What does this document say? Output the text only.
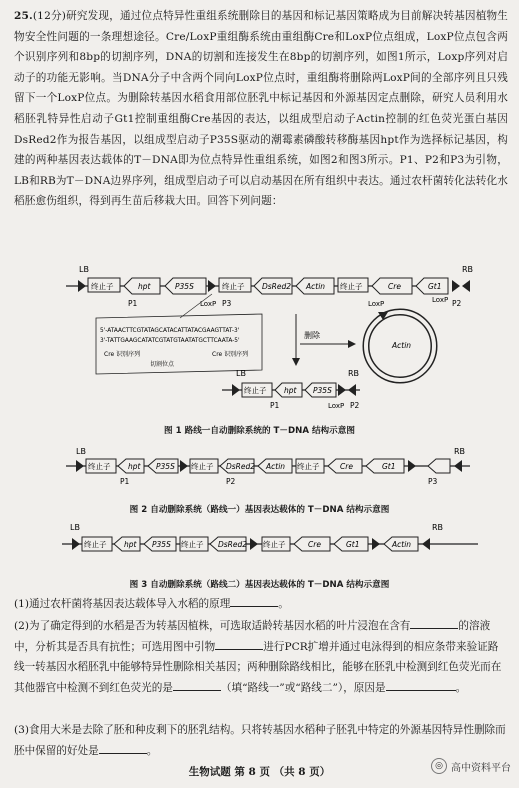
25.(12分)研究发现，通过位点特异性重组系统删除目的基因和标记基因策略成为目前解决转基因植物生物安全性问题的一条理想途径。Cre/LoxP重组酶系统由重组酶Cre和LoxP位点组成，LoxP位点包含两个识别序列和8bp的切割序列，DNA的切割和连接发生在8bp的切割序列，如图1所示，Loxp序列对启动子的功能无影响。当DNA分子中含两个同向LoxP位点时，重组酶将删除两LoxP间的全部序列且只残留下一个LoxP位点。为删除转基因水稻食用部位胚乳中标记基因和外源基因定点删除，研究人员利用水稻胚乳特异性启动子Gt1控制重组酶Cre基因的表达，以组成型启动子Actin控制的红色荧光蛋白基因DsRed2作为报告基因，以组成型启动子P35S驱动的潮霉素磷酸转移酶基因hpt作为选择标记基因，构建的两种基因表达载体的T－DNA即为位点特异性重组系统，如图2和图3所示。P1、P2和P3为引物，LB和RB为T－DNA边界序列，组成型启动子可以启动基因在所有组织中表达。通过农杆菌转化法转化水稻胚愈伤组织，得到再生苗后移栽大田。回答下列问题：
LB
终止子	hpt	P35S	终止子 DsRed2 Actin 终止子	Cre	Gt1
RB
P1	P3	P2
LoxP	LoxP
5'-ATAACTTCGTATAGCATACATTATACGAAGTTAT-3'
3'-TATTGAAGCATATCGTATGTAATATGCTTCAATA-5'
Cre 识别序列
切割位点
Cre 识别序列
LoxP
Actin
删除
LB
终止子 hpt P35S
RB
P1	P2
LoxP
图 1 路线一自动删除系统的 T－DNA 结构示意图
LB
终止子 hpt P35S 终止子 DsRed2 Actin 终止子	Cre	Gt1
RB
P1	P2	P3
图 2 自动删除系统（路线一）基因表达载体的 T－DNA 结构示意图
LB
终止子 hpt P35S 终止子 DsRed2 终止子	Cre	Gt1	Actin
RB
图 3 自动删除系统（路线二）基因表达载体的 T－DNA 结构示意图
(1)通过农杆菌将基因表达载体导入水稻的原理	。
(2)为了确定得到的水稻是否为转基因植株，可选取适龄转基因水稻的叶片浸泡在含有	的溶液中，分析其是否具有抗性；可选用图中引物	进行PCR扩增并通过电泳得到的相应条带来验证路线一转基因水稻胚乳中能够特异性删除相关基因；两种删除路线相比，能够在胚乳中检测到红色荧光而在其他器官中检测不到红色荧光的是	（填“路线一”或“路线二”），原因是	。
(3)食用大米是去除了胚和种皮剩下的胚乳结构。只将转基因水稻种子胚乳中特定的外源基因特异性删除而胚中保留的好处是	。
生物试题 第 8 页 （共 8 页）	◎ 高中资料平台
